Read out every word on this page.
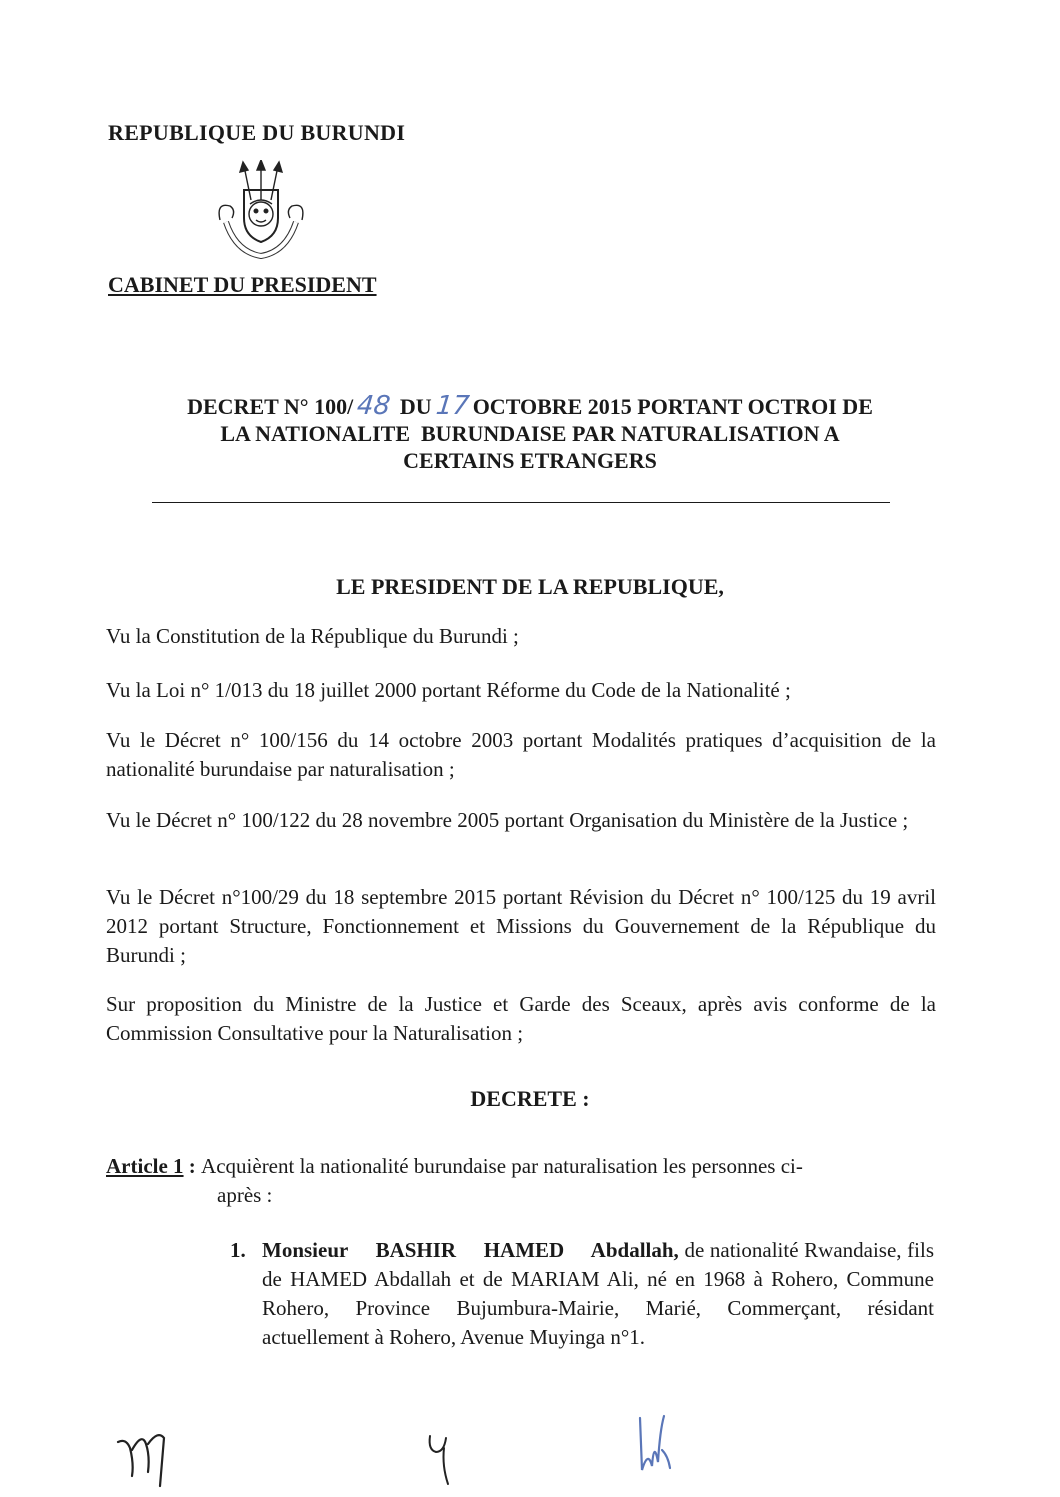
REPUBLIQUE DU BURUNDI
CABINET DU PRESIDENT
DECRET N° 100/48 DU17 OCTOBRE 2015 PORTANT OCTROI DE
LA NATIONALITE  BURUNDAISE PAR NATURALISATION A
CERTAINS ETRANGERS
LE PRESIDENT DE LA REPUBLIQUE,
Vu la Constitution de la République du Burundi ;
Vu la Loi n° 1/013 du 18 juillet 2000 portant Réforme du Code de la Nationalité ;
Vu le Décret n° 100/156 du 14 octobre 2003 portant Modalités pratiques d’acquisition de la nationalité burundaise par naturalisation ;
Vu le Décret n° 100/122 du 28 novembre 2005 portant Organisation du Ministère de la Justice ;
Vu le Décret n°100/29 du 18 septembre 2015 portant Révision du Décret n° 100/125 du 19 avril 2012 portant Structure, Fonctionnement et Missions du Gouvernement de la République du Burundi ;
Sur proposition du Ministre de la Justice et Garde des Sceaux, après avis conforme de la Commission Consultative pour la Naturalisation ;
DECRETE :
Article 1 : Acquièrent la nationalité burundaise par naturalisation les personnes ci-
après :
1. Monsieur BASHIR HAMED Abdallah, de nationalité Rwandaise, fils de HAMED Abdallah et de MARIAM Ali, né en 1968 à Rohero, Commune Rohero, Province Bujumbura-Mairie, Marié, Commerçant, résidant actuellement à Rohero, Avenue Muyinga n°1.
